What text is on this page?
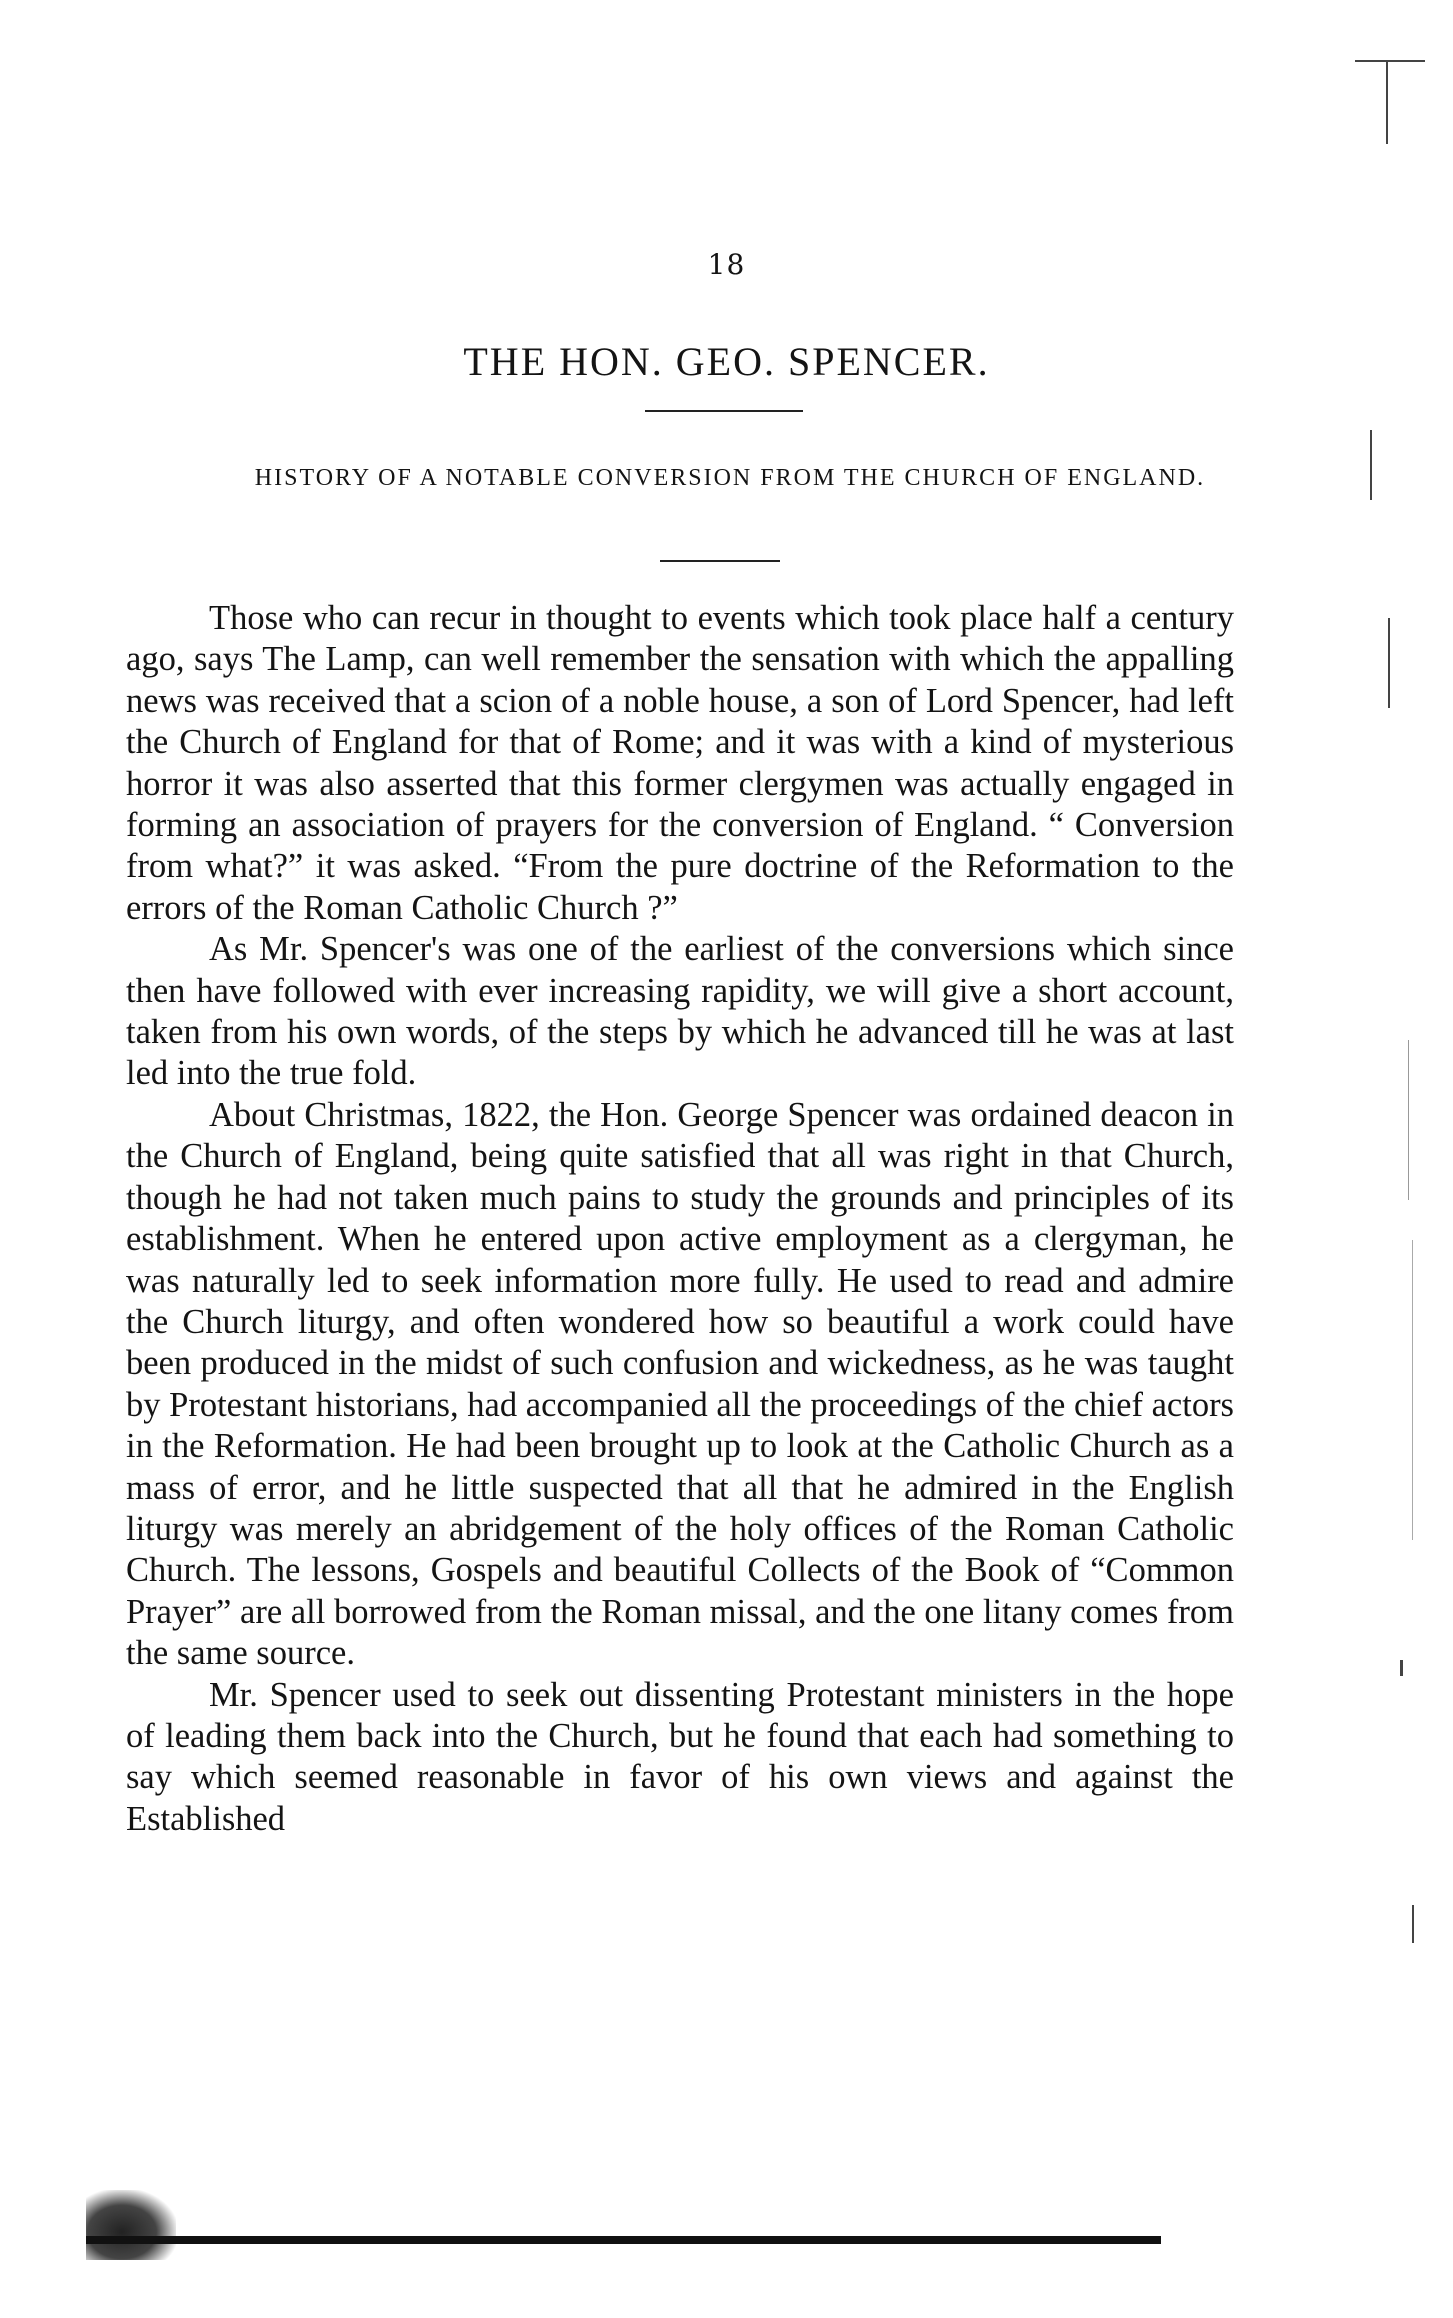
18
THE HON. GEO. SPENCER.
HISTORY OF A NOTABLE CONVERSION FROM THE CHURCH OF ENGLAND.

Those who can recur in thought to events which took place half a century ago, says The Lamp, can well remember the sensation with which the appalling news was received that a scion of a noble house, a son of Lord Spencer, had left the Church of England for that of Rome; and it was with a kind of mysterious horror it was also asserted that this former clergymen was actually engaged in forming an association of prayers for the conversion of England. “ Conversion from what?” it was asked. “From the pure doctrine of the Reformation to the errors of the Roman Catholic Church ?”

As Mr. Spencer's was one of the earliest of the conversions which since then have followed with ever increasing rapidity, we will give a short account, taken from his own words, of the steps by which he advanced till he was at last led into the true fold.

About Christmas, 1822, the Hon. George Spencer was ordained deacon in the Church of England, being quite satisfied that all was right in that Church, though he had not taken much pains to study the grounds and principles of its establishment. When he entered upon active employment as a clergyman, he was naturally led to seek information more fully. He used to read and admire the Church liturgy, and often wondered how so beautiful a work could have been produced in the midst of such confusion and wickedness, as he was taught by Protestant historians, had accompanied all the proceedings of the chief actors in the Reformation. He had been brought up to look at the Catholic Church as a mass of error, and he little suspected that all that he admired in the English liturgy was merely an abridgement of the holy offices of the Roman Catholic Church. The lessons, Gospels and beautiful Collects of the Book of “Common Prayer” are all borrowed from the Roman missal, and the one litany comes from the same source.

Mr. Spencer used to seek out dissenting Protestant ministers in the hope of leading them back into the Church, but he found that each had something to say which seemed reasonable in favor of his own views and against the Established
